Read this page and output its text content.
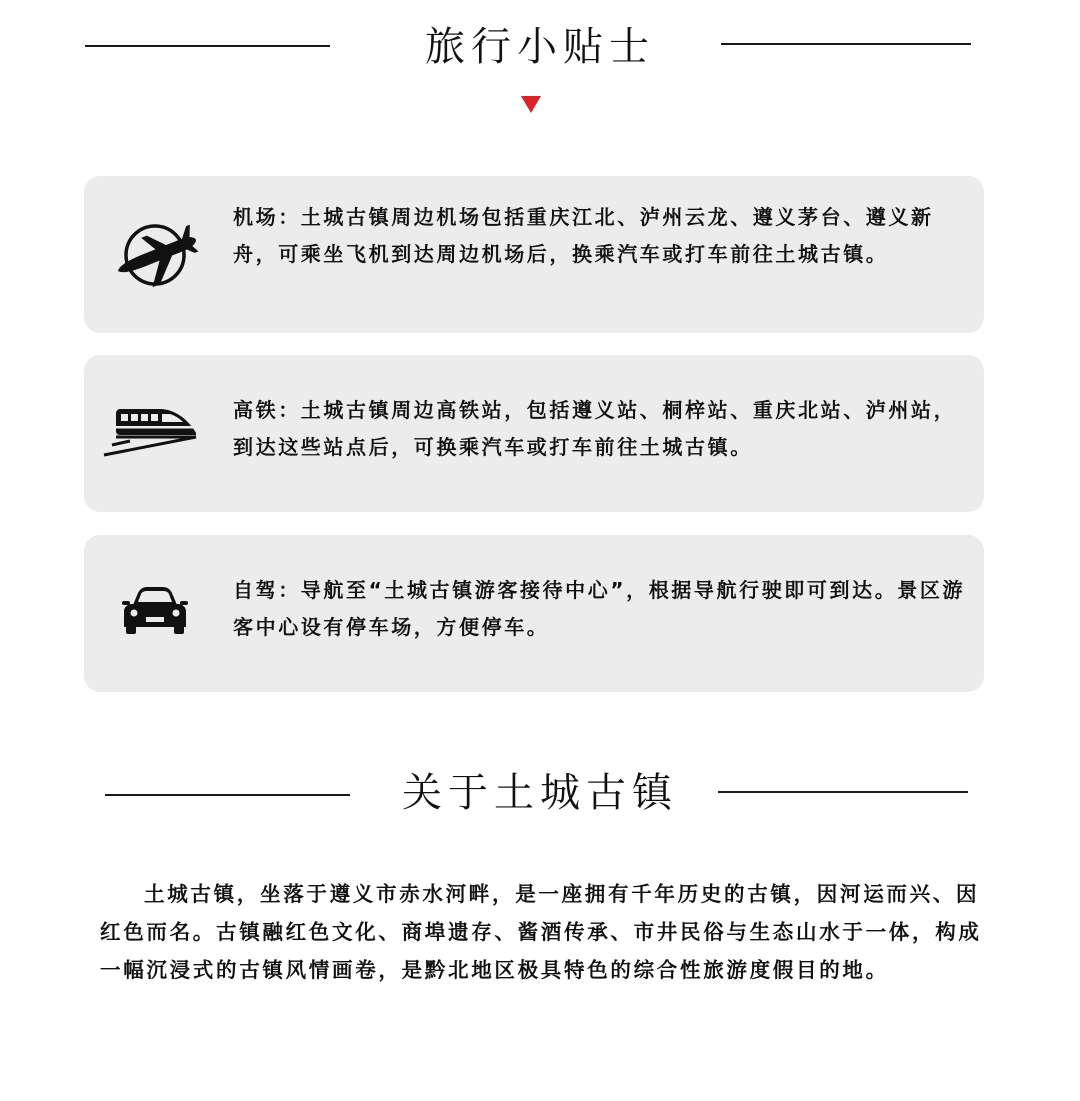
旅行小贴士
机场：土城古镇周边机场包括重庆江北、泸州云龙、遵义茅台、遵义新舟，可乘坐飞机到达周边机场后，换乘汽车或打车前往土城古镇。
高铁：土城古镇周边高铁站，包括遵义站、桐梓站、重庆北站、泸州站，到达这些站点后，可换乘汽车或打车前往土城古镇。
自驾：导航至“土城古镇游客接待中心”，根据导航行驶即可到达。景区游客中心设有停车场，方便停车。
关于土城古镇
土城古镇，坐落于遵义市赤水河畔，是一座拥有千年历史的古镇，因河运而兴、因红色而名。古镇融红色文化、商埠遗存、酱酒传承、市井民俗与生态山水于一体，构成一幅沉浸式的古镇风情画卷，是黔北地区极具特色的综合性旅游度假目的地。
